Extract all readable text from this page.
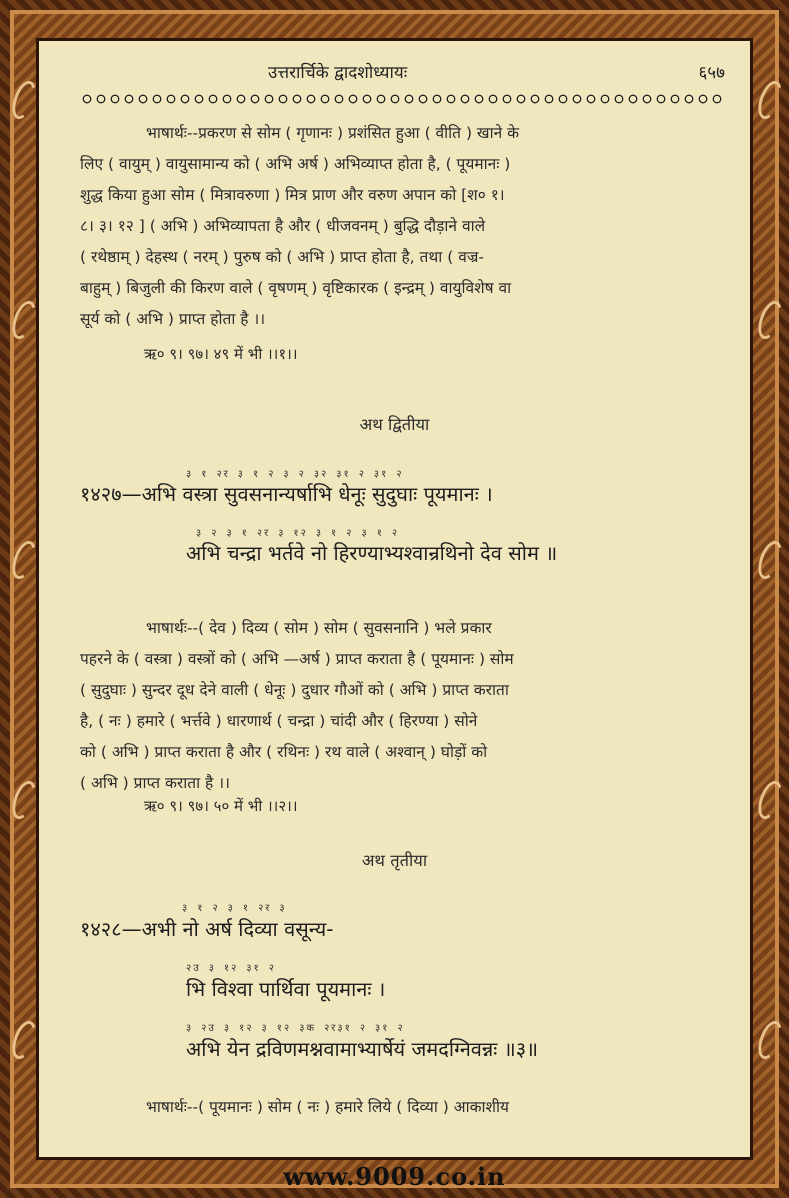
उत्तरार्चिके द्वादशोध्यायः	६५७
भाषार्थः--प्रकरण से सोम ( गृणानः ) प्रशंसित हुआ ( वीति ) खाने के
लिए ( वायुम् ) वायुसामान्य को ( अभि अर्ष ) अभिव्याप्त होता है, ( पूयमानः )
शुद्ध किया हुआ सोम ( मित्रावरुणा ) मित्र प्राण और वरुण अपान को [श० १।
८। ३। १२ ] ( अभि ) अभिव्यापता है और ( धीजवनम् ) बुद्धि दौड़ाने वाले
( रथेष्ठाम् ) देहस्थ ( नरम् ) पुरुष को ( अभि ) प्राप्त होता है, तथा ( वज्र-
बाहुम् ) बिजुली की किरण वाले ( वृषणम् ) वृष्टिकारक ( इन्द्रम् ) वायुविशेष वा
सूर्य को ( अभि ) प्राप्त होता है ।।
ऋ० ९। ९७। ४९ में भी ।।१।।
अथ द्वितीया
३ १ २र ३ १ २ ३ २ ३२ ३१ २ ३१ २
१४२७—अभि वस्त्रा सुवसनान्यर्षाभि धेनूः सुदुघाः पूयमानः ।
३ २ ३ १ २र ३ १२ ३ १ २ ३ १ २
अभि चन्द्रा भर्तवे नो हिरण्याभ्यश्वान्रथिनो देव सोम ॥
भाषार्थः--( देव ) दिव्य ( सोम ) सोम ( सुवसनानि ) भले प्रकार
पहरने के ( वस्त्रा ) वस्त्रों को ( अभि —अर्ष ) प्राप्त कराता है ( पूयमानः ) सोम
( सुदुघाः ) सुन्दर दूध देने वाली ( धेनूः ) दुधार गौओं को ( अभि ) प्राप्त कराता
है, ( नः ) हमारे ( भर्त्तवे ) धारणार्थ ( चन्द्रा ) चांदी और ( हिरण्या ) सोने
को ( अभि ) प्राप्त कराता है और ( रथिनः ) रथ वाले ( अश्वान् ) घोड़ों को
( अभि ) प्राप्त कराता है ।।
ऋ० ९। ९७। ५० में भी ।।२।।
अथ तृतीया
३ १ २ ३ १ २र ३
१४२८—अभी नो अर्ष दिव्या वसून्य-
२उ ३ १२ ३१ २
भि विश्वा पार्थिवा पूयमानः ।
३ २उ ३ १२ ३ १२ ३क २र३१ २ ३१ २
अभि येन द्रविणमश्नवामाभ्यार्षेयं जमदग्निवन्नः ॥३॥
भाषार्थः--( पूयमानः ) सोम ( नः ) हमारे लिये ( दिव्या ) आकाशीय
www.9009.co.in
